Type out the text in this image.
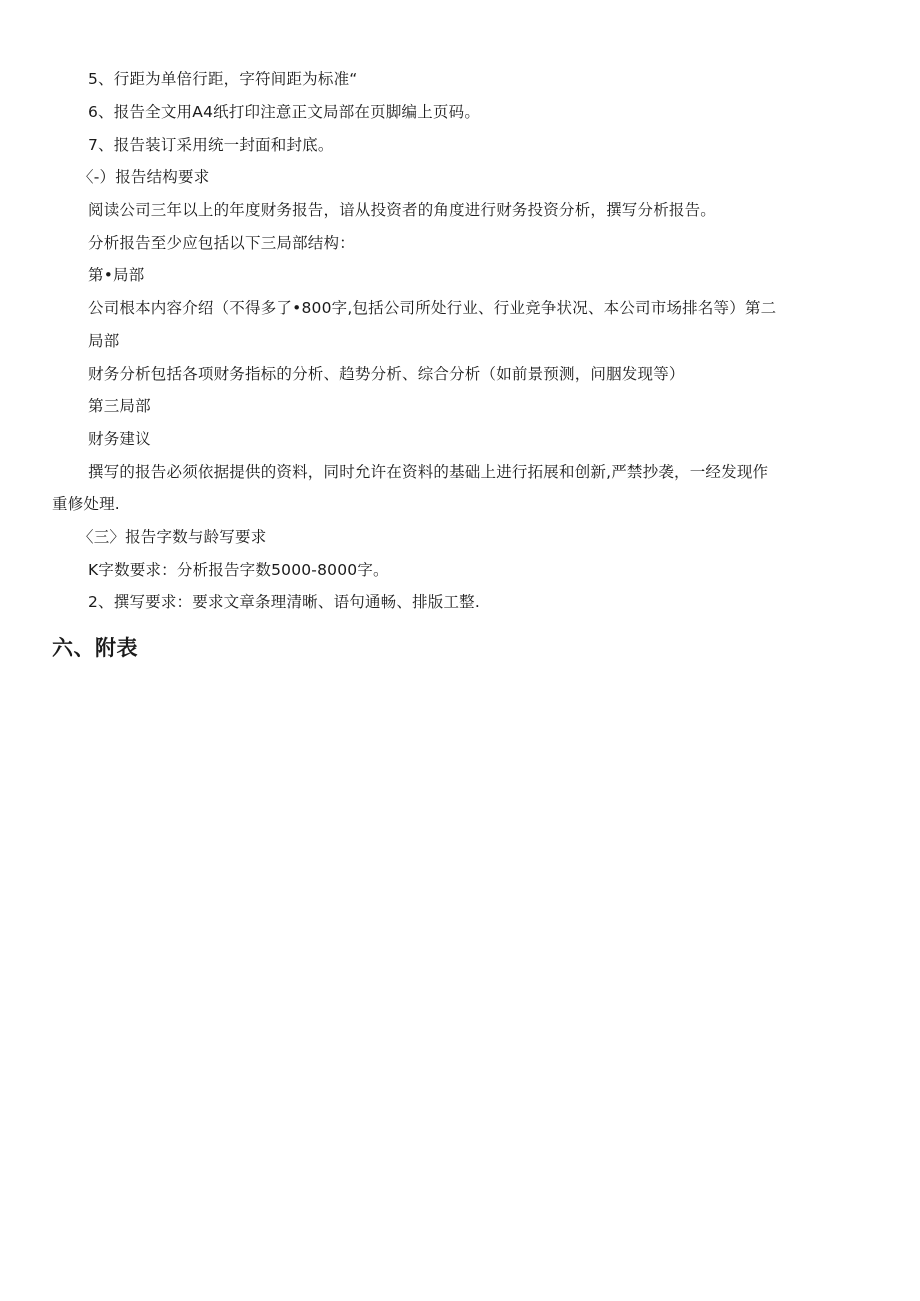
5、行距为单倍行距，字符间距为标准“
6、报告全文用A4纸打印注意正文局部在页脚编上页码。
7、报告装订采用统一封面和封底。
〈-）报告结构要求
阅读公司三年以上的年度财务报告，谙从投资者的角度进行财务投资分析，撰写分析报告。
分析报告至少应包括以下三局部结构：
第•局部
公司根本内容介绍（不得多了•800字,包括公司所处行业、行业竞争状况、本公司市场排名等）第二
局部
财务分析包括各项财务指标的分析、趋势分析、综合分析（如前景预测，问胭发现等）
第三局部
财务建议
撰写的报告必须依据提供的资料，同时允许在资料的基础上进行拓展和创新,严禁抄袭，一经发现作
重修处理.
〈三〉报告字数与龄写要求
K字数要求：分析报告字数5000-8000字。
2、撰写要求：要求文章条理清晰、语句通畅、排版工整.
六、附表
